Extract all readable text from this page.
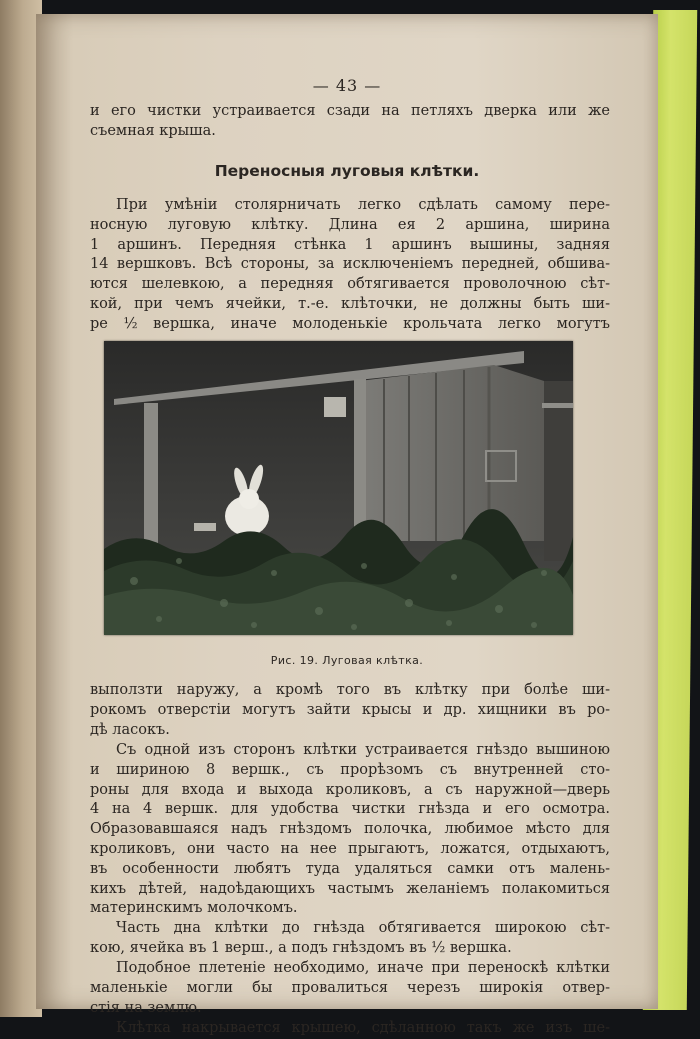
— 43 —
и его чистки устраивается сзади на петляхъ дверка или же
съемная крыша.
Переносныя луговыя клѣтки.
При умѣніи столярничать легко сдѣлать самому пере-
носную луговую клѣтку. Длина ея 2 аршина, ширина
1 аршинъ. Передняя стѣнка 1 аршинъ вышины, задняя
14 вершковъ. Всѣ стороны, за исключеніемъ передней, обшива-
ются шелевкою, а передняя обтягивается проволочною сѣт-
кой, при чемъ ячейки, т.-е. клѣточки, не должны быть ши-
ре ½ вершка, иначе молоденькіе крольчата легко могутъ
Рис. 19. Луговая клѣтка.
выползти наружу, а кромѣ того въ клѣтку при болѣе ши-
рокомъ отверстіи могутъ зайти крысы и др. хищники въ ро-
дѣ ласокъ.
Съ одной изъ сторонъ клѣтки устраивается гнѣздо вышиною
и шириною 8 вершк., съ прорѣзомъ съ внутренней сто-
роны для входа и выхода кроликовъ, а съ наружной—дверь
4 на 4 вершк. для удобства чистки гнѣзда и его осмотра.
Образовавшаяся надъ гнѣздомъ полочка, любимое мѣсто для
кроликовъ, они часто на нее прыгаютъ, ложатся, отдыхаютъ,
въ особенности любятъ туда удаляться самки отъ малень-
кихъ дѣтей, надоѣдающихъ частымъ желаніемъ полакомиться
материнскимъ молочкомъ.
Часть дна клѣтки до гнѣзда обтягивается широкою сѣт-
кою, ячейка въ 1 верш., а подъ гнѣздомъ въ ½ вершка.
Подобное плетеніе необходимо, иначе при переноскѣ клѣтки
маленькіе могли бы провалиться черезъ широкія отвер-
стія на землю.
Клѣтка накрывается крышею, сдѣланною такъ же изъ ше-
